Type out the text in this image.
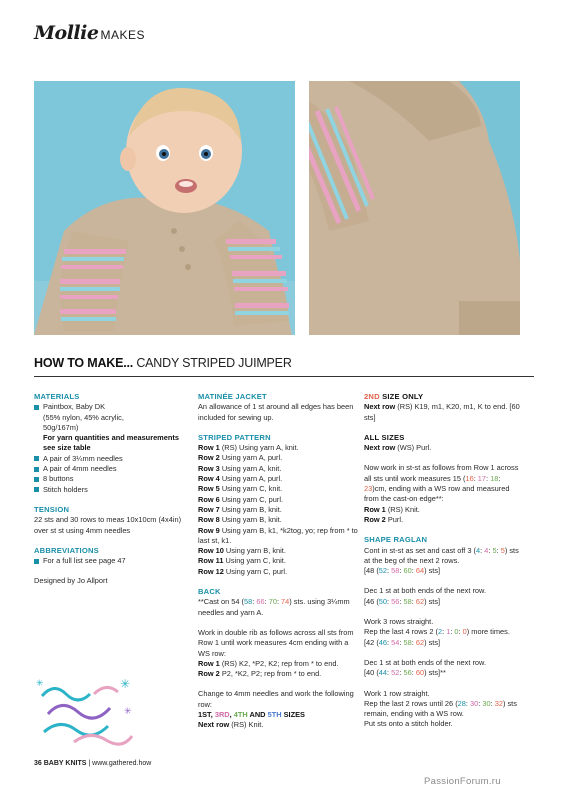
Mollie MAKES
HOW TO MAKE... CANDY STRIPED JUIMPER

MATERIALS

Paintbox, Baby DK

(55% nylon, 45% acrylic,

50g/167m)

For yarn quantities and measurements see size table

A pair of 3¼mm needles
A pair of 4mm needles
8 buttons
Stitch holders

TENSION

22 sts and 30 rows to meas 10x10cm (4x4in) over st st using 4mm needles

ABBREVIATIONS

For a full list see page 47

Designed by Jo Allport

✳
✳
✳

MATINÉE JACKET

An allowance of 1 st around all edges has been included for sewing up.

STRIPED PATTERN

Row 1 (RS) Using yarn A, knit.

Row 2 Using yarn A, purl.

Row 3 Using yarn A, knit.

Row 4 Using yarn A, purl.

Row 5 Using yarn C, knit.

Row 6 Using yarn C, purl.

Row 7 Using yarn B, knit.

Row 8 Using yarn B, knit.

Row 9 Using yarn B, k1, *k2tog, yo; rep from * to last st, k1.

Row 10 Using yarn B, knit.

Row 11 Using yarn C, knit.

Row 12 Using yarn C, purl.

BACK

**Cast on 54 (58: 66: 70: 74) sts. using 3¼mm needles and yarn A.

Work in double rib as follows across all sts from Row 1 until work measures 4cm ending with a WS row:

Row 1 (RS) K2, *P2, K2; rep from * to end.

Row 2 P2, *K2, P2; rep from * to end.

Change to 4mm needles and work the following row:

1ST, 3RD, 4TH AND 5TH SIZES

Next row (RS) Knit.

2ND SIZE ONLY

Next row (RS) K19, m1, K20, m1, K to end. [60 sts]

ALL SIZES

Next row (WS) Purl.

Now work in st-st as follows from Row 1 across all sts until work measures 15 (16: 17: 18: 23)cm, ending with a WS row and measured from the cast-on edge**:

Row 1 (RS) Knit.

Row 2 Purl.

SHAPE RAGLAN

Cont in st-st as set and cast off 3 (4: 4: 5: 5) sts at the beg of the next 2 rows.

[48 (52: 58: 60: 64) sts]

Dec 1 st at both ends of the next row.

[46 (50: 56: 58: 62) sts]

Work 3 rows straight.

Rep the last 4 rows 2 (2: 1: 0: 0) more times.

[42 (46: 54: 58: 62) sts]

Dec 1 st at both ends of the next row.

[40 (44: 52: 56: 60) sts]**

Work 1 row straight.

Rep the last 2 rows until 26 (28: 30: 30: 32) sts remain, ending with a WS row.

Put sts onto a stitch holder.

36 BABY KNITS | www.gathered.how
PassionForum.ru
